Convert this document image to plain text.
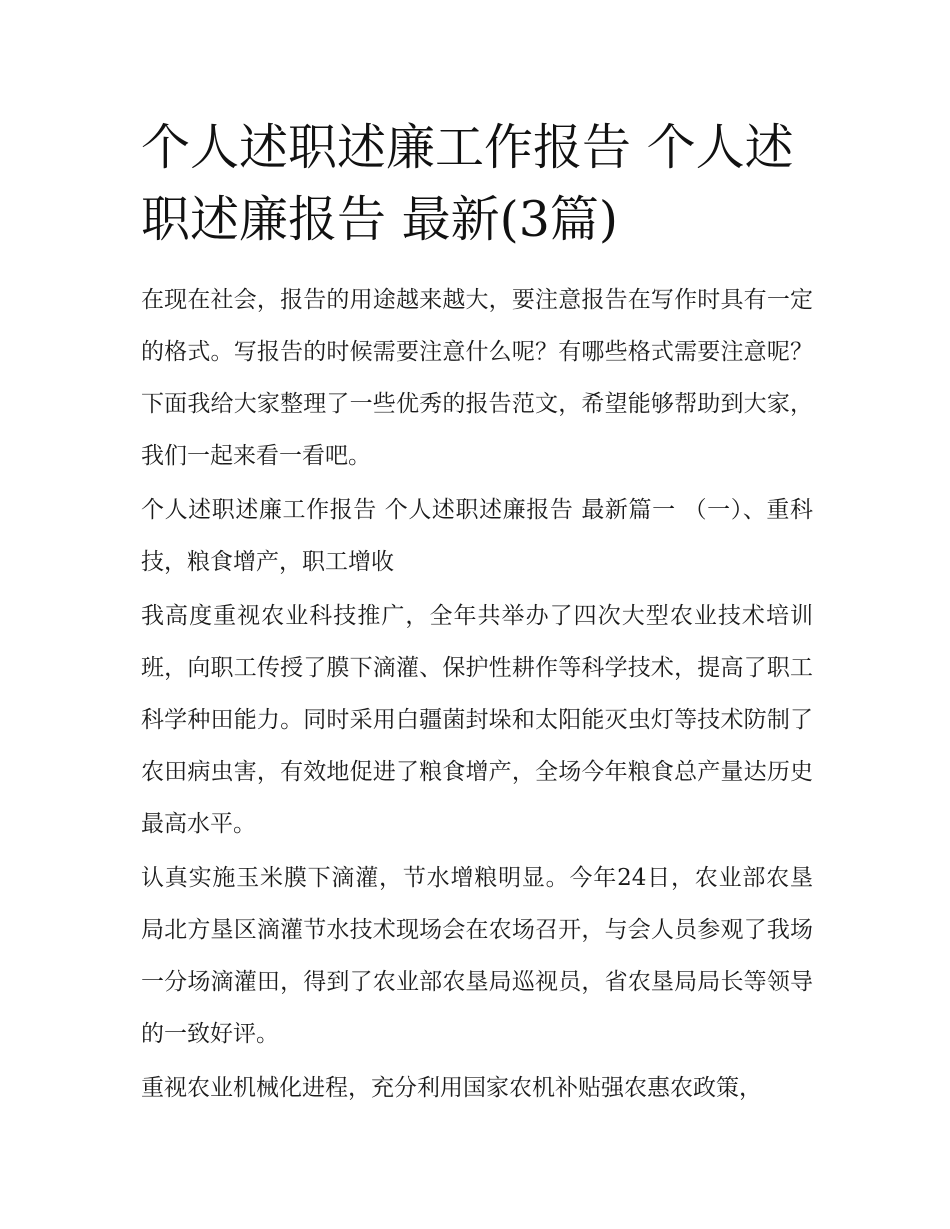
个人述职述廉工作报告 个人述职述廉报告 最新(3篇)

在现在社会，报告的用途越来越大，要注意报告在写作时具有一定的格式。写报告的时候需要注意什么呢？有哪些格式需要注意呢？下面我给大家整理了一些优秀的报告范文，希望能够帮助到大家，我们一起来看一看吧。

个人述职述廉工作报告 个人述职述廉报告 最新篇一 （一）、重科技，粮食增产，职工增收

我高度重视农业科技推广，全年共举办了四次大型农业技术培训班，向职工传授了膜下滴灌、保护性耕作等科学技术，提高了职工科学种田能力。同时采用白疆菌封垛和太阳能灭虫灯等技术防制了农田病虫害，有效地促进了粮食增产，全场今年粮食总产量达历史最高水平。

认真实施玉米膜下滴灌，节水增粮明显。今年24日，农业部农垦局北方垦区滴灌节水技术现场会在农场召开，与会人员参观了我场一分场滴灌田，得到了农业部农垦局巡视员，省农垦局局长等领导的一致好评。

重视农业机械化进程，充分利用国家农机补贴强农惠农政策，
